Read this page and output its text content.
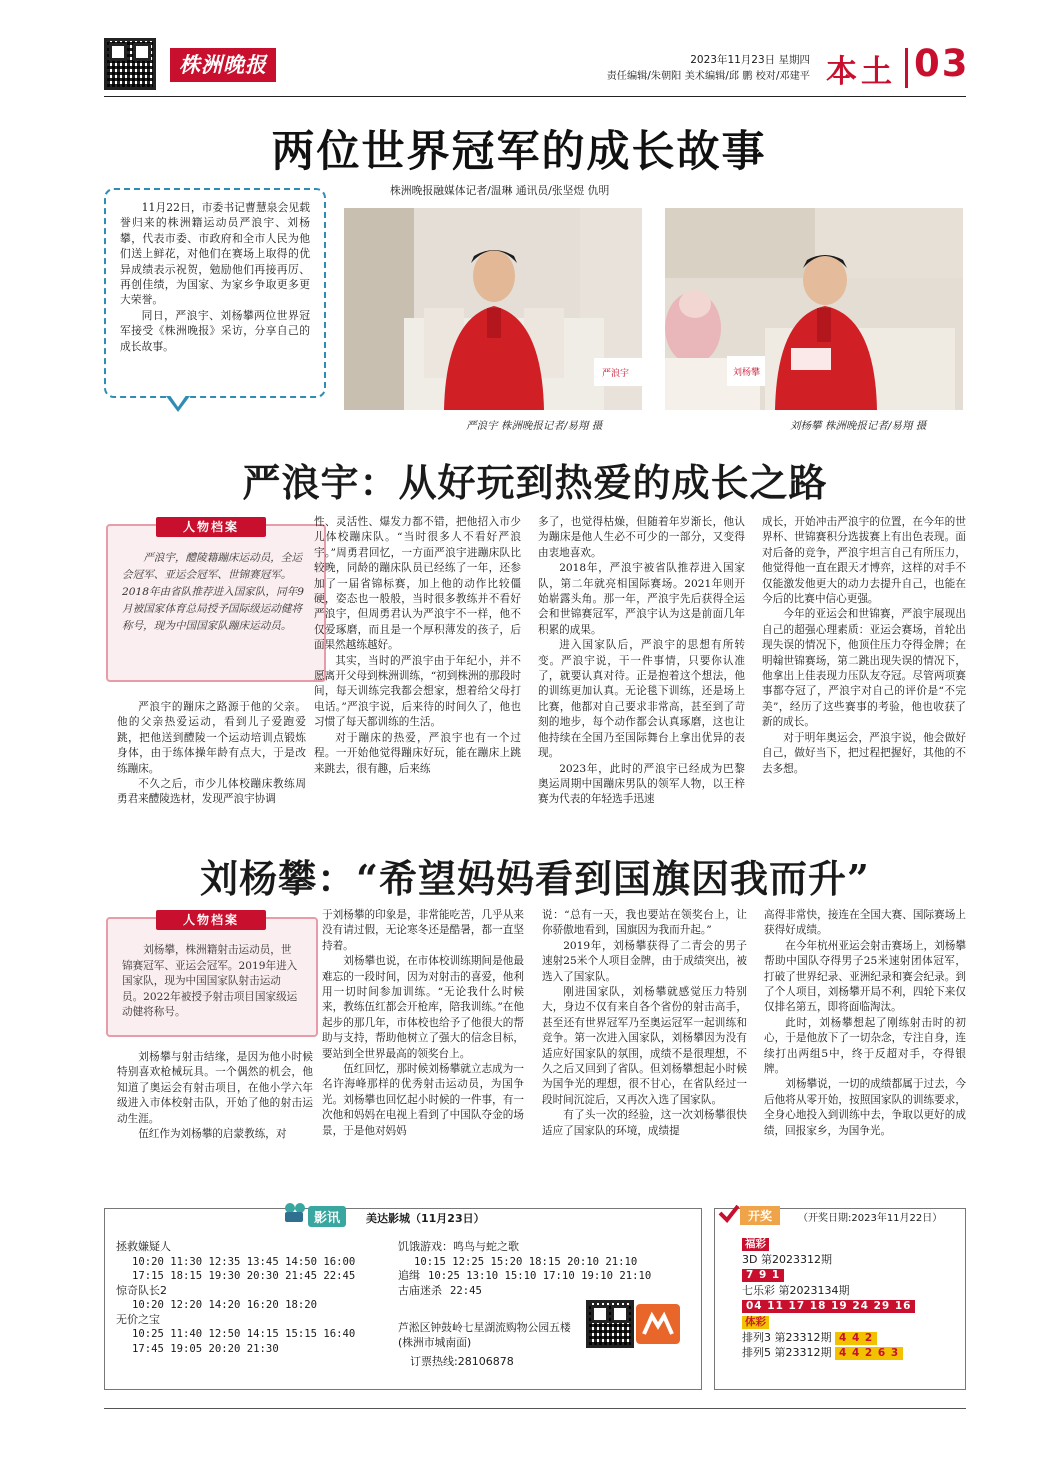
株洲晚报	2023年11月23日 星期四
责任编辑/朱朝阳 美术编辑/邱 鹏 校对/邓建平 本土 03
两位世界冠军的成长故事
株洲晚报融媒体记者/温琳 通讯员/张坚煜 仇明

11月22日，市委书记曹慧泉会见载誉归来的株洲籍运动员严浪宇、刘杨攀，代表市委、市政府和全市人民为他们送上鲜花，对他们在赛场上取得的优异成绩表示祝贺，勉励他们再接再厉、再创佳绩，为国家、为家乡争取更多更大荣誉。

同日，严浪宇、刘杨攀两位世界冠军接受《株洲晚报》采访，分享自己的成长故事。

严浪宇	刘杨攀
严浪宇 株洲晚报记者/易翔 摄	刘杨攀 株洲晚报记者/易翔 摄
严浪宇：从好玩到热爱的成长之路

严浪宇，醴陵籍蹦床运动员，全运会冠军、亚运会冠军、世锦赛冠军。2018年由省队推荐进入国家队，同年9月被国家体育总局授予国际级运动健将称号，现为中国国家队蹦床运动员。

人物档案

严浪宇的蹦床之路源于他的父亲。他的父亲热爱运动，看到儿子爱跑爱跳，把他送到醴陵一个运动培训点锻炼身体，由于练体操年龄有点大，于是改练蹦床。

不久之后，市少儿体校蹦床教练周勇君来醴陵选材，发现严浪宇协调

性、灵活性、爆发力都不错，把他招入市少儿体校蹦床队。“当时很多人不看好严浪宇。”周勇君回忆，一方面严浪宇进蹦床队比较晚，同龄的蹦床队员已经练了一年，还参加了一届省锦标赛，加上他的动作比较僵硬，姿态也一般般，当时很多教练并不看好严浪宇，但周勇君认为严浪宇不一样，他不仅爱琢磨，而且是一个厚积薄发的孩子，后面果然越练越好。

其实，当时的严浪宇由于年纪小，并不愿离开父母到株洲训练，“初到株洲的那段时间，每天训练完我都会想家，想着给父母打电话。”严浪宇说，后来待的时间久了，他也习惯了每天都训练的生活。

对于蹦床的热爱，严浪宇也有一个过程。一开始他觉得蹦床好玩，能在蹦床上跳来跳去，很有趣，后来练

多了，也觉得枯燥，但随着年岁渐长，他认为蹦床是他人生必不可少的一部分，又变得由衷地喜欢。

2018年，严浪宇被省队推荐进入国家队，第二年就亮相国际赛场。2021年则开始崭露头角。那一年，严浪宇先后获得全运会和世锦赛冠军，严浪宇认为这是前面几年积累的成果。

进入国家队后，严浪宇的思想有所转变。严浪宇说，干一件事情，只要你认准了，就要认真对待。正是抱着这个想法，他的训练更加认真。无论毯下训练，还是场上比赛，他都对自己要求非常高，甚至到了苛刻的地步，每个动作都会认真琢磨，这也让他持续在全国乃至国际舞台上拿出优异的表现。

2023年，此时的严浪宇已经成为巴黎奥运周期中国蹦床男队的领军人物，以王梓赛为代表的年轻选手迅速

成长，开始冲击严浪宇的位置，在今年的世界杯、世锦赛积分选拔赛上有出色表现。面对后备的竞争，严浪宇坦言自己有所压力，他觉得他一直在跟天才博弈，这样的对手不仅能激发他更大的动力去提升自己，也能在今后的比赛中信心更强。

今年的亚运会和世锦赛，严浪宇展现出自己的超强心理素质：亚运会赛场，首轮出现失误的情况下，他顶住压力夺得金牌；在明翰世锦赛场，第二跳出现失误的情况下，他拿出上佳表现力压队友夺冠。尽管两项赛事都夺冠了，严浪宇对自己的评价是“不完美”，经历了这些赛事的考验，他也收获了新的成长。

对于明年奥运会，严浪宇说，他会做好自己，做好当下，把过程把握好，其他的不去多想。

刘杨攀：“希望妈妈看到国旗因我而升”

刘杨攀，株洲籍射击运动员，世锦赛冠军、亚运会冠军。2019年进入国家队，现为中国国家队射击运动员。2022年被授予射击项目国家级运动健将称号。

人物档案

刘杨攀与射击结缘，是因为他小时候特别喜欢枪械玩具。一个偶然的机会，他知道了奥运会有射击项目，在他小学六年级进入市体校射击队，开始了他的射击运动生涯。

伍红作为刘杨攀的启蒙教练，对

于刘杨攀的印象是，非常能吃苦，几乎从来没有请过假，无论寒冬还是酷暑，都一直坚持着。

刘杨攀也说，在市体校训练期间是他最难忘的一段时间，因为对射击的喜爱，他利用一切时间参加训练。“无论我什么时候来，教练伍红都会开枪库，陪我训练。”在他起步的那几年，市体校也给予了他很大的帮助与支持，帮助他树立了强大的信念目标，要站到全世界最高的领奖台上。

伍红回忆，那时候刘杨攀就立志成为一名许海峰那样的优秀射击运动员，为国争光。刘杨攀也回忆起小时候的一件事，有一次他和妈妈在电视上看到了中国队夺金的场景，于是他对妈妈

说：“总有一天，我也要站在领奖台上，让你骄傲地看到，国旗因为我而升起。”

2019年，刘杨攀获得了二青会的男子速射25米个人项目金牌，由于成绩突出，被选入了国家队。

刚进国家队，刘杨攀就感觉压力特别大，身边不仅有来自各个省份的射击高手，甚至还有世界冠军乃至奥运冠军一起训练和竞争。第一次进入国家队，刘杨攀因为没有适应好国家队的氛围，成绩不是很理想，不久之后又回到了省队。但刘杨攀想起小时候为国争光的理想，很不甘心，在省队经过一段时间沉淀后，又再次入选了国家队。

有了头一次的经验，这一次刘杨攀很快适应了国家队的环境，成绩提

高得非常快，接连在全国大赛、国际赛场上获得好成绩。

在今年杭州亚运会射击赛场上，刘杨攀帮助中国队夺得男子25米速射团体冠军，打破了世界纪录、亚洲纪录和赛会纪录。到了个人项目，刘杨攀开局不利，四轮下来仅仅排名第五，即将面临淘汰。

此时，刘杨攀想起了刚练射击时的初心，于是他放下了一切杂念，专注自身，连续打出两组5中，终于反超对手，夺得银牌。

刘杨攀说，一切的成绩都属于过去，今后他将从零开始，按照国家队的训练要求，全身心地投入到训练中去，争取以更好的成绩，回报家乡，为国争光。

影讯	美达影城（11月23日）
拯救嫌疑人
10:20 11:30 12:35 13:45 14:50 16:00
17:15 18:15 19:30 20:30 21:45 22:45
惊奇队长2
10:20 12:20 14:20 16:20 18:20
无价之宝
10:25 11:40 12:50 14:15 15:15 16:40
17:45 19:05 20:20 21:30
饥饿游戏：鸣鸟与蛇之歌
10:15 12:25 15:20 18:15 20:10 21:10
追缉 10:25 13:10 15:10 17:10 19:10 21:10
古庙迷杀 22:45
芦淞区钟鼓岭七星湖流购物公园五楼(株洲市城南面)
订票热线:28106878
开奖	（开奖日期:2023年11月22日）
福彩
3D 第2023312期
7 9 1
七乐彩 第2023134期
04 11 17 18 19 24 29 16
体彩
排列3 第23312期 4 4 2
排列5 第23312期 4 4 2 6 3
